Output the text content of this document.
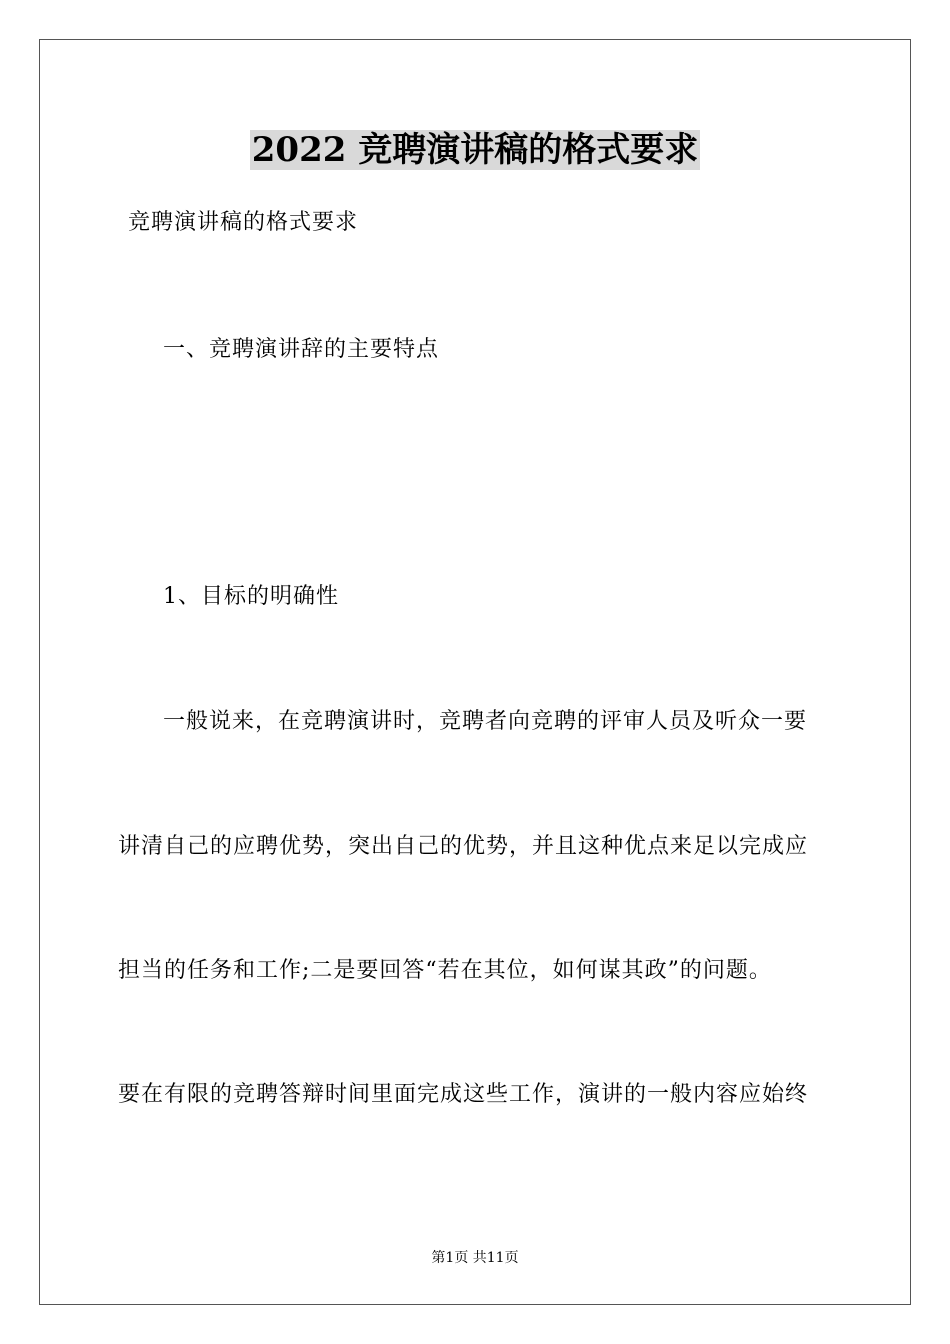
2022 竞聘演讲稿的格式要求
竞聘演讲稿的格式要求
一、竞聘演讲辞的主要特点
1、目标的明确性
一般说来，在竞聘演讲时，竞聘者向竞聘的评审人员及听众一要
讲清自己的应聘优势，突出自己的优势，并且这种优点来足以完成应
担当的任务和工作;二是要回答“若在其位，如何谋其政”的问题。
要在有限的竞聘答辩时间里面完成这些工作，演讲的一般内容应始终
第1页 共11页
